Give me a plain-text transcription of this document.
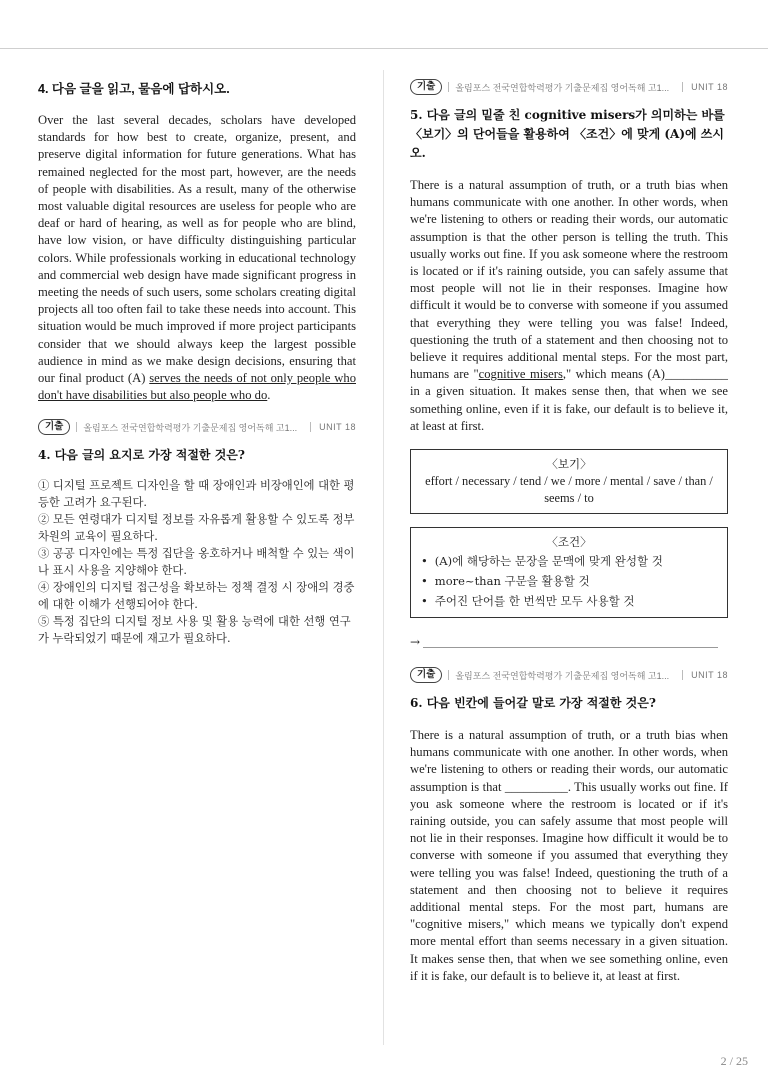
4. 다음 글을 읽고, 물음에 답하시오.

Over the last several decades, scholars have developed standards for how best to create, organize, present, and preserve digital information for future generations. What has remained neglected for the most part, however, are the needs of people with disabilities. As a result, many of the otherwise most valuable digital resources are useless for people who are deaf or hard of hearing, as well as for people who are blind, have low vision, or have difficulty distinguishing particular colors. While professionals working in educational technology and commercial web design have made significant progress in meeting the needs of such users, some scholars creating digital projects all too often fail to take these needs into account. This situation would be much improved if more project participants consider that we should always keep the largest possible audience in mind as we make design decisions, ensuring that our final product (A) serves the needs of not only people who don't have disabilities but also people who do.

기출	올림포스 전국연합학력평가 기출문제집 영어독해 고1...	UNIT 18
4. 다음 글의 요지로 가장 적절한 것은?

① 디지털 프로젝트 디자인을 할 때 장애인과 비장애인에 대한 평등한 고려가 요구된다.

② 모든 연령대가 디지털 정보를 자유롭게 활용할 수 있도록 정부 차원의 교육이 필요하다.

③ 공공 디자인에는 특정 집단을 옹호하거나 배척할 수 있는 색이나 표시 사용을 지양해야 한다.

④ 장애인의 디지털 접근성을 확보하는 정책 결정 시 장애의 경중에 대한 이해가 선행되어야 한다.

⑤ 특정 집단의 디지털 정보 사용 및 활용 능력에 대한 선행 연구가 누락되었기 때문에 재고가 필요하다.

기출	올림포스 전국연합학력평가 기출문제집 영어독해 고1...	UNIT 18
5. 다음 글의 밑줄 친 cognitive misers가 의미하는 바를 〈보기〉의 단어들을 활용하여 〈조건〉에 맞게 (A)에 쓰시오.

There is a natural assumption of truth, or a truth bias when humans communicate with one another. In other words, when we're listening to others or reading their words, our automatic assumption is that the other person is telling the truth. This usually works out fine. If you ask someone where the restroom is located or if it's raining outside, you can safely assume that most people will not lie in their responses. Imagine how difficult it would be to converse with someone if you assumed that everything they were telling you was false! Indeed, questioning the truth of a statement and then choosing not to believe it requires additional mental steps. For the most part, humans are "cognitive misers," which means (A)__________ in a given situation. It makes sense then, that when we see something online, even if it is fake, our default is to believe it, at least at first.

〈보기〉
effort / necessary / tend / we / more / mental / save / than / seems / to
〈조건〉
• (A)에 해당하는 문장을 문맥에 맞게 완성할 것
• more~than 구문을 활용할 것
• 주어진 단어를 한 번씩만 모두 사용할 것
→
기출	올림포스 전국연합학력평가 기출문제집 영어독해 고1...	UNIT 18
6. 다음 빈칸에 들어갈 말로 가장 적절한 것은?

There is a natural assumption of truth, or a truth bias when humans communicate with one another. In other words, when we're listening to others or reading their words, our automatic assumption is that __________. This usually works out fine. If you ask someone where the restroom is located or if it's raining outside, you can safely assume that most people will not lie in their responses. Imagine how difficult it would be to converse with someone if you assumed that everything they were telling you was false! Indeed, questioning the truth of a statement and then choosing not to believe it requires additional mental steps. For the most part, humans are "cognitive misers," which means we typically don't expend more mental effort than seems necessary in a given situation. It makes sense then, that when we see something online, even if it is fake, our default is to believe it, at least at first.

2 / 25
